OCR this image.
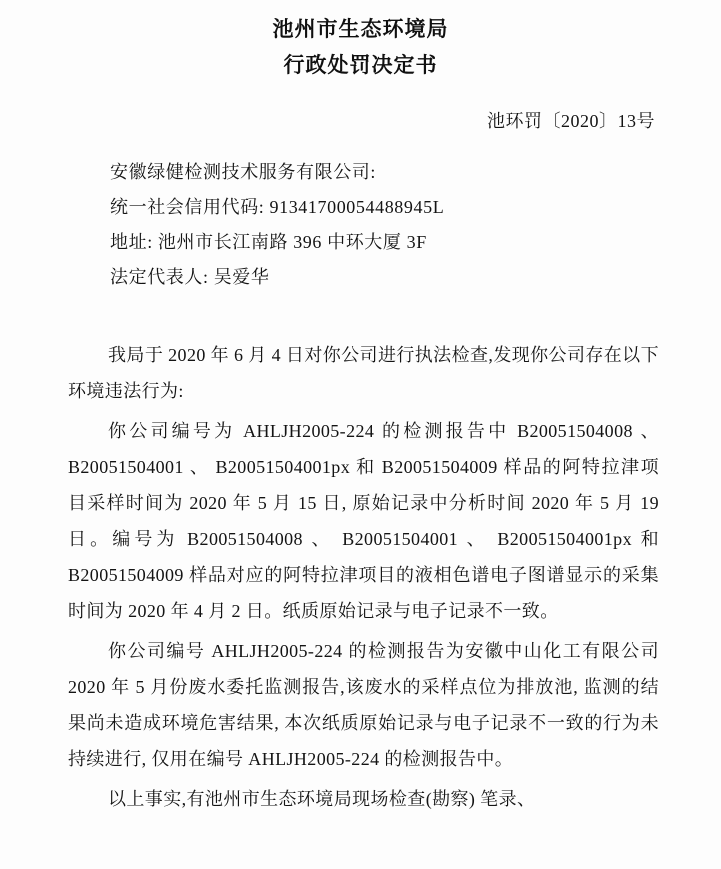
池州市生态环境局
行政处罚决定书
池环罚〔2020〕13号
安徽绿健检测技术服务有限公司:
统一社会信用代码: 91341700054488945L
地址: 池州市长江南路 396 中环大厦 3F
法定代表人: 吴爱华

我局于 2020 年 6 月 4 日对你公司进行执法检查,发现你公司存在以下环境违法行为:

你公司编号为 AHLJH2005-224 的检测报告中 B20051504008 、 B20051504001 、 B20051504001px 和 B20051504009 样品的阿特拉津项目采样时间为 2020 年 5 月 15 日, 原始记录中分析时间 2020 年 5 月 19 日。编号为 B20051504008 、 B20051504001 、 B20051504001px 和 B20051504009 样品对应的阿特拉津项目的液相色谱电子图谱显示的采集时间为 2020 年 4 月 2 日。纸质原始记录与电子记录不一致。

你公司编号 AHLJH2005-224 的检测报告为安徽中山化工有限公司 2020 年 5 月份废水委托监测报告,该废水的采样点位为排放池, 监测的结果尚未造成环境危害结果, 本次纸质原始记录与电子记录不一致的行为未持续进行, 仅用在编号 AHLJH2005-224 的检测报告中。

以上事实,有池州市生态环境局现场检查(勘察) 笔录、
